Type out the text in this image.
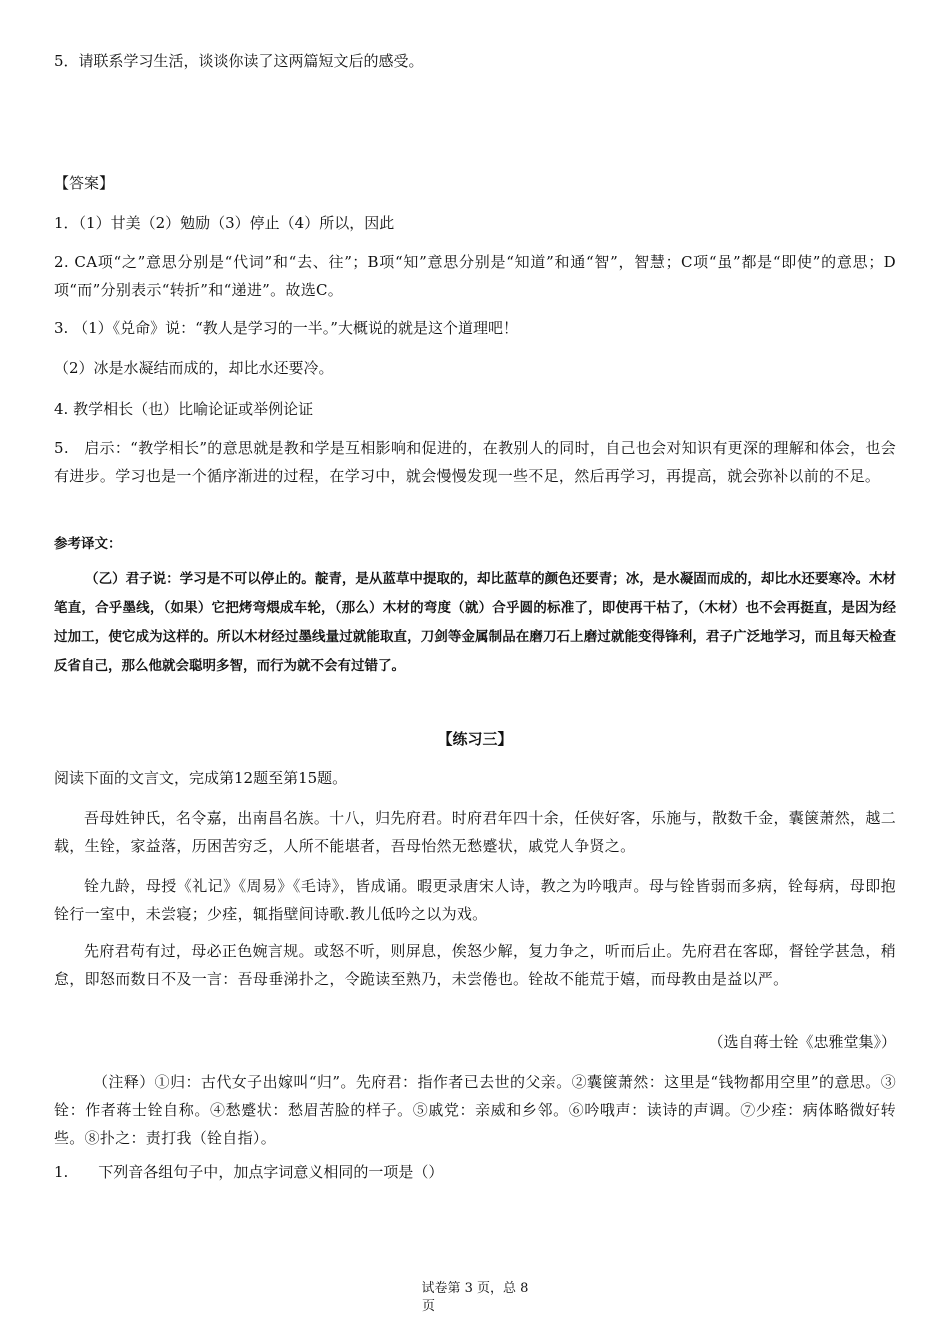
5．请联系学习生活，谈谈你读了这两篇短文后的感受。
【答案】
1．（1）甘美（2）勉励（3）停止（4）所以，因此
2. CA项“之”意思分别是“代词”和“去、往”；B项“知”意思分别是“知道”和通“智”，智慧；C项“虽”都是“即使”的意思；D项“而”分别表示“转折”和“递进”。故选C。
3. （1）《兑命》说：“教人是学习的一半。”大概说的就是这个道理吧！
（2）冰是水凝结而成的，却比水还要冷。
4. 教学相长（也）比喻论证或举例论证
5.　启示：“教学相长”的意思就是教和学是互相影响和促进的，在教别人的同时，自己也会对知识有更深的理解和体会，也会有进步。学习也是一个循序渐进的过程，在学习中，就会慢慢发现一些不足，然后再学习，再提高，就会弥补以前的不足。
参考译文：
（乙）君子说：学习是不可以停止的。靛青，是从蓝草中提取的，却比蓝草的颜色还要青；冰，是水凝固而成的，却比水还要寒冷。木材笔直，合乎墨线，（如果）它把烤弯煨成车轮，（那么）木材的弯度（就）合乎圆的标准了，即使再干枯了，（木材）也不会再挺直，是因为经过加工，使它成为这样的。所以木材经过墨线量过就能取直，刀剑等金属制品在磨刀石上磨过就能变得锋利，君子广泛地学习，而且每天检查反省自己，那么他就会聪明多智，而行为就不会有过错了。
【练习三】
阅读下面的文言文，完成第12题至第15题。
吾母姓钟氏，名令嘉，出南昌名族。十八，归先府君。时府君年四十余，任侠好客，乐施与，散数千金，囊箧萧然，越二载，生铨，家益落，历困苦穷乏，人所不能堪者，吾母怡然无愁蹙状，戚党人争贤之。
铨九龄，母授《礼记》《周易》《毛诗》，皆成诵。暇更录唐宋人诗，教之为吟哦声。母与铨皆弱而多病，铨每病，母即抱铨行一室中，未尝寝；少痊，辄指壁间诗歌.教儿低吟之以为戏。
先府君苟有过，母必正色婉言规。或怒不听，则屏息，俟怒少解，复力争之，听而后止。先府君在客邸，督铨学甚急，稍怠，即怒而数日不及一言：吾母垂涕扑之，令跪读至熟乃，未尝倦也。铨故不能荒于嬉，而母教由是益以严。
（选自蒋士铨《忠雅堂集》）
（注释）①归：古代女子出嫁叫“归”。先府君：指作者已去世的父亲。②囊箧萧然：这里是“钱物都用空里”的意思。③铨：作者蒋士铨自称。④愁蹙状：愁眉苦脸的样子。⑤戚党：亲威和乡邻。⑥吟哦声：读诗的声调。⑦少痊：病体略微好转些。⑧扑之：责打我（铨自指）。
1.　　下列音各组句子中，加点字词意义相同的一项是（）
试卷第 3 页，总 8
页
